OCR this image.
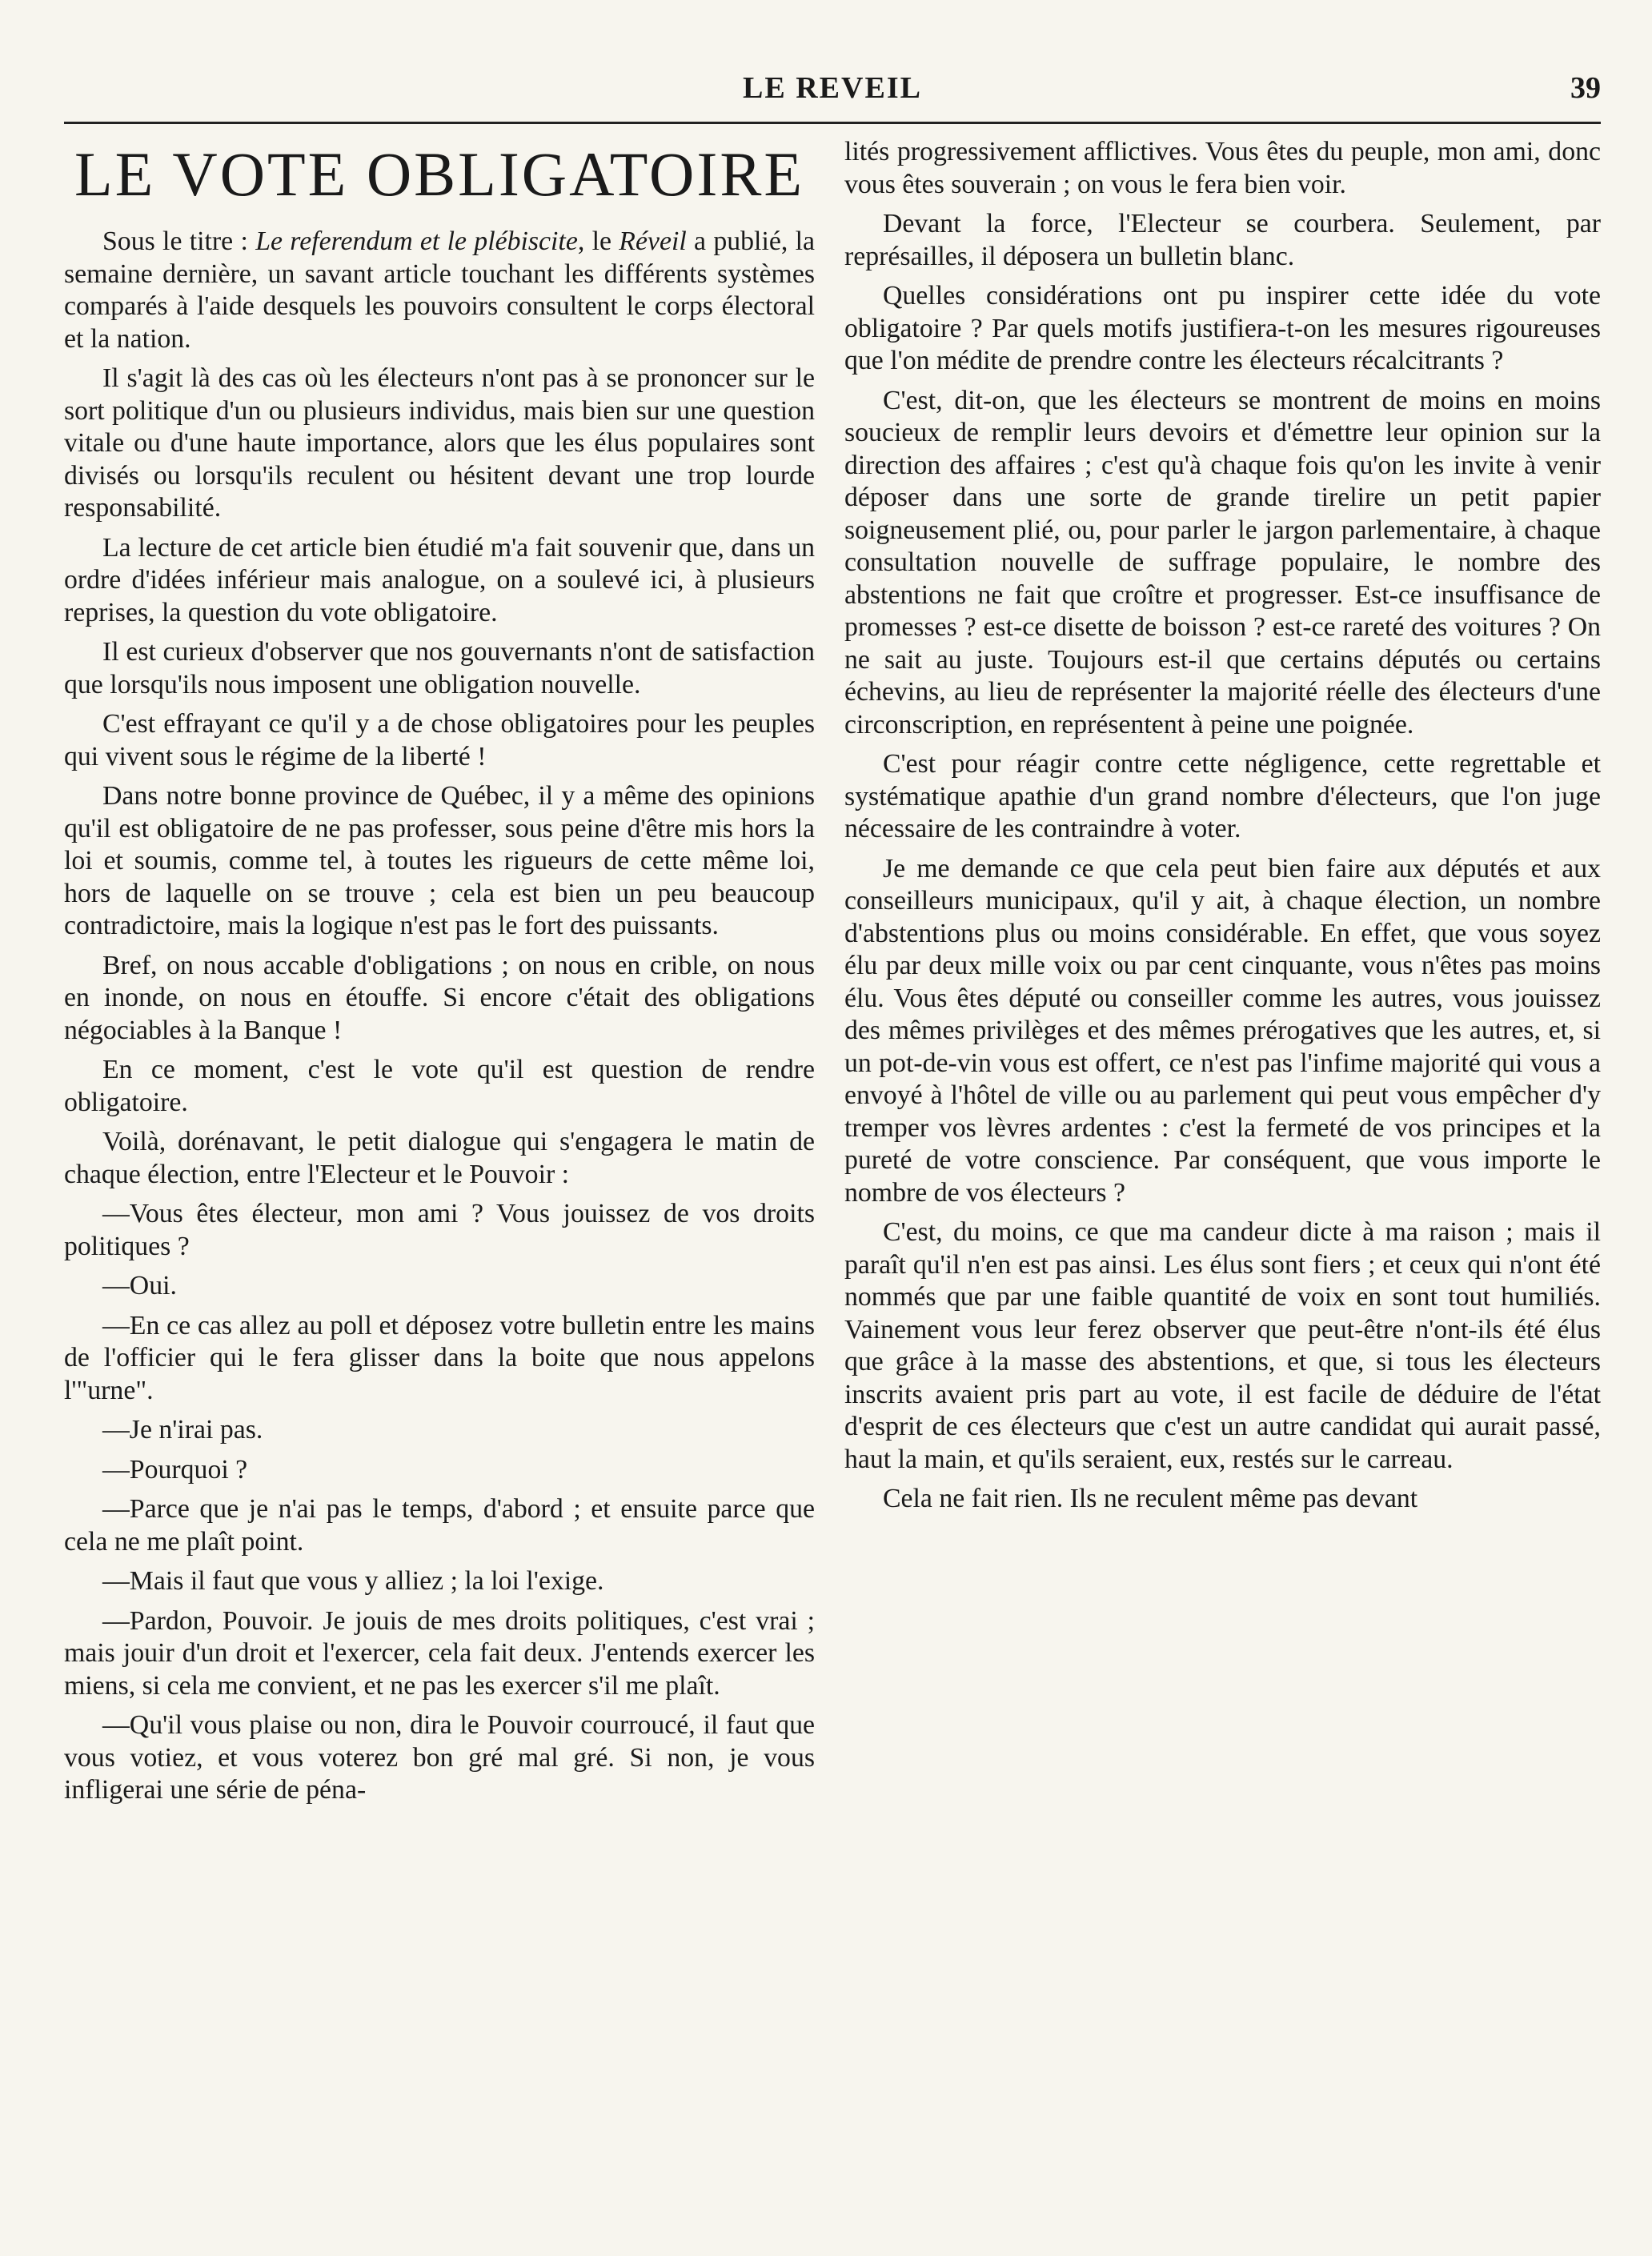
LE REVEIL	39
LE VOTE OBLIGATOIRE

Sous le titre : Le referendum et le plébiscite, le Réveil a publié, la semaine dernière, un savant article touchant les différents systèmes comparés à l'aide desquels les pouvoirs consultent le corps électoral et la nation.

Il s'agit là des cas où les électeurs n'ont pas à se prononcer sur le sort politique d'un ou plusieurs individus, mais bien sur une question vitale ou d'une haute importance, alors que les élus populaires sont divisés ou lorsqu'ils reculent ou hésitent devant une trop lourde responsabilité.

La lecture de cet article bien étudié m'a fait souvenir que, dans un ordre d'idées inférieur mais analogue, on a soulevé ici, à plusieurs reprises, la question du vote obligatoire.

Il est curieux d'observer que nos gouvernants n'ont de satisfaction que lorsqu'ils nous imposent une obligation nouvelle.

C'est effrayant ce qu'il y a de chose obligatoires pour les peuples qui vivent sous le régime de la liberté !

Dans notre bonne province de Québec, il y a même des opinions qu'il est obligatoire de ne pas professer, sous peine d'être mis hors la loi et soumis, comme tel, à toutes les rigueurs de cette même loi, hors de laquelle on se trouve ; cela est bien un peu beaucoup contradictoire, mais la logique n'est pas le fort des puissants.

Bref, on nous accable d'obligations ; on nous en crible, on nous en inonde, on nous en étouffe. Si encore c'était des obligations négociables à la Banque !

En ce moment, c'est le vote qu'il est question de rendre obligatoire.

Voilà, dorénavant, le petit dialogue qui s'engagera le matin de chaque élection, entre l'Electeur et le Pouvoir :

—Vous êtes électeur, mon ami ? Vous jouissez de vos droits politiques ?

—Oui.

—En ce cas allez au poll et déposez votre bulletin entre les mains de l'officier qui le fera glisser dans la boite que nous appelons l'"urne".

—Je n'irai pas.

—Pourquoi ?

—Parce que je n'ai pas le temps, d'abord ; et ensuite parce que cela ne me plaît point.

—Mais il faut que vous y alliez ; la loi l'exige.

—Pardon, Pouvoir. Je jouis de mes droits politiques, c'est vrai ; mais jouir d'un droit et l'exercer, cela fait deux. J'entends exercer les miens, si cela me convient, et ne pas les exercer s'il me plaît.

—Qu'il vous plaise ou non, dira le Pouvoir courroucé, il faut que vous votiez, et vous voterez bon gré mal gré. Si non, je vous infligerai une série de péna-

lités progressivement afflictives. Vous êtes du peuple, mon ami, donc vous êtes souverain ; on vous le fera bien voir.

Devant la force, l'Electeur se courbera. Seulement, par représailles, il déposera un bulletin blanc.

Quelles considérations ont pu inspirer cette idée du vote obligatoire ? Par quels motifs justifiera-t-on les mesures rigoureuses que l'on médite de prendre contre les électeurs récalcitrants ?

C'est, dit-on, que les électeurs se montrent de moins en moins soucieux de remplir leurs devoirs et d'émettre leur opinion sur la direction des affaires ; c'est qu'à chaque fois qu'on les invite à venir déposer dans une sorte de grande tirelire un petit papier soigneusement plié, ou, pour parler le jargon parlementaire, à chaque consultation nouvelle de suffrage populaire, le nombre des abstentions ne fait que croître et progresser. Est-ce insuffisance de promesses ? est-ce disette de boisson ? est-ce rareté des voitures ? On ne sait au juste. Toujours est-il que certains députés ou certains échevins, au lieu de représenter la majorité réelle des électeurs d'une circonscription, en représentent à peine une poignée.

C'est pour réagir contre cette négligence, cette regrettable et systématique apathie d'un grand nombre d'électeurs, que l'on juge nécessaire de les contraindre à voter.

Je me demande ce que cela peut bien faire aux députés et aux conseilleurs municipaux, qu'il y ait, à chaque élection, un nombre d'abstentions plus ou moins considérable. En effet, que vous soyez élu par deux mille voix ou par cent cinquante, vous n'êtes pas moins élu. Vous êtes député ou conseiller comme les autres, vous jouissez des mêmes privilèges et des mêmes prérogatives que les autres, et, si un pot-de-vin vous est offert, ce n'est pas l'infime majorité qui vous a envoyé à l'hôtel de ville ou au parlement qui peut vous empêcher d'y tremper vos lèvres ardentes : c'est la fermeté de vos principes et la pureté de votre conscience. Par conséquent, que vous importe le nombre de vos électeurs ?

C'est, du moins, ce que ma candeur dicte à ma raison ; mais il paraît qu'il n'en est pas ainsi. Les élus sont fiers ; et ceux qui n'ont été nommés que par une faible quantité de voix en sont tout humiliés. Vainement vous leur ferez observer que peut-être n'ont-ils été élus que grâce à la masse des abstentions, et que, si tous les électeurs inscrits avaient pris part au vote, il est facile de déduire de l'état d'esprit de ces électeurs que c'est un autre candidat qui aurait passé, haut la main, et qu'ils seraient, eux, restés sur le carreau.

Cela ne fait rien. Ils ne reculent même pas devant
